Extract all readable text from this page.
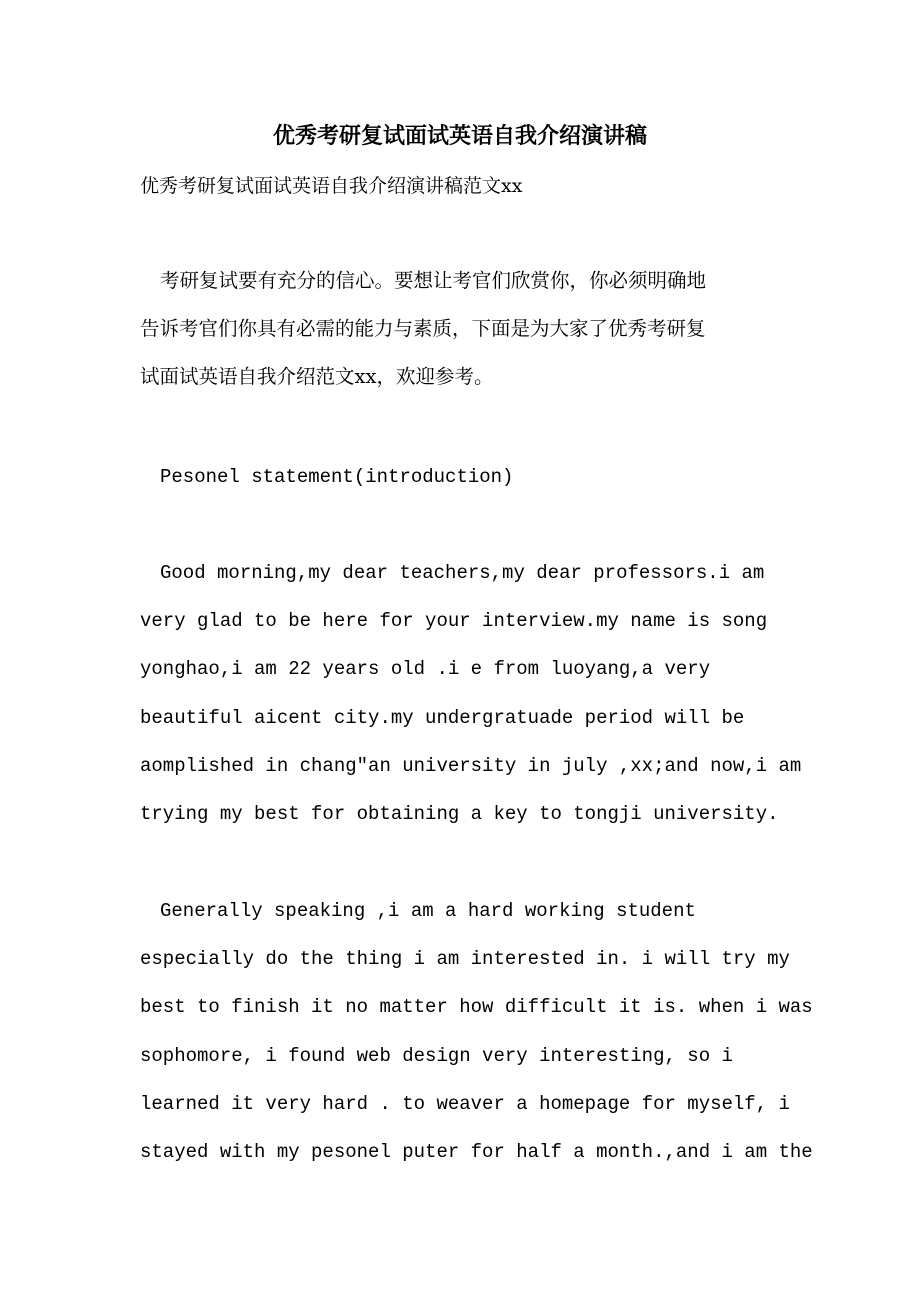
优秀考研复试面试英语自我介绍演讲稿

优秀考研复试面试英语自我介绍演讲稿范文xx

考研复试要有充分的信心。要想让考官们欣赏你，你必须明确地
告诉考官们你具有必需的能力与素质，下面是为大家了优秀考研复
试面试英语自我介绍范文xx，欢迎参考。
Pesonel statement(introduction)
Good morning,my dear teachers,my dear professors.i am
very glad to be here for your interview.my name is song
yonghao,i am 22 years old .i e from luoyang,a very
beautiful aicent city.my undergratuade period will be
aomplished in chang″an university in july ,xx;and now,i am
trying my best for obtaining a key to tongji university.
Generally speaking ,i am a hard working student
especially do the thing i am interested in. i will try my
best to finish it no matter how difficult it is. when i was
sophomore, i found web design very interesting, so i
learned it very hard . to weaver a homepage for myself, i
stayed with my pesonel puter for half a month.,and i am the
